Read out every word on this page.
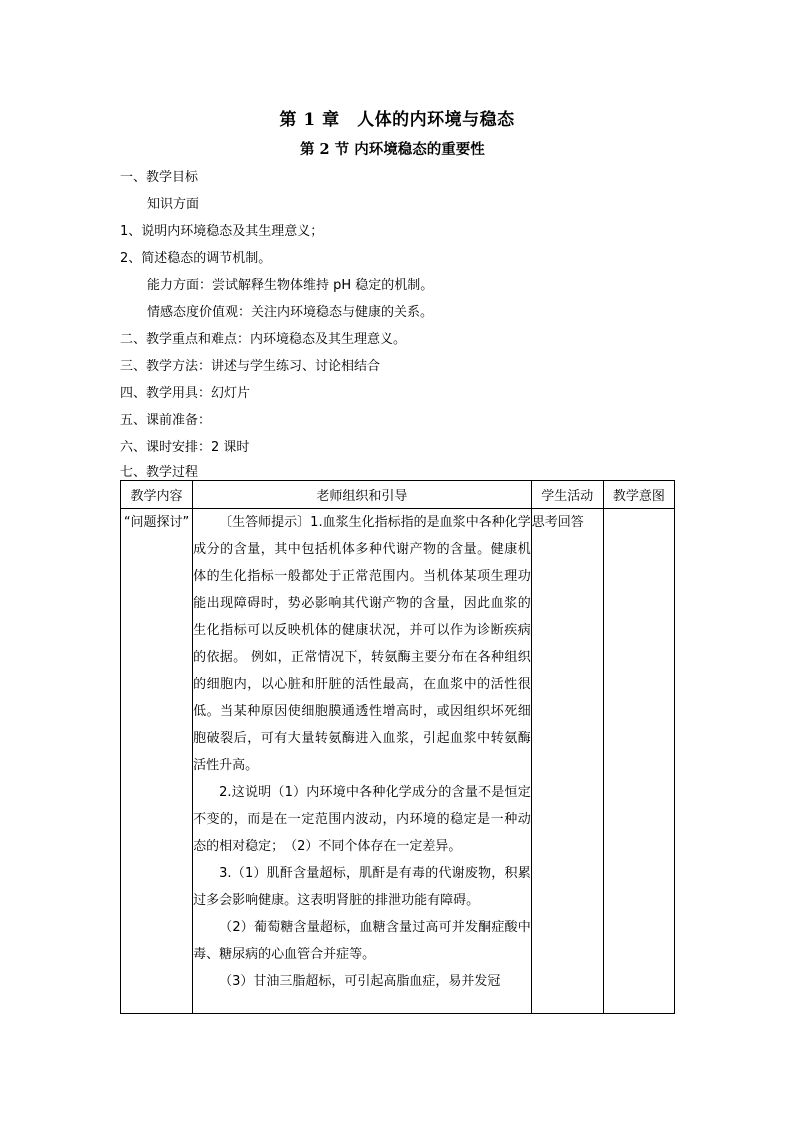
第 1 章　人体的内环境与稳态
第 2 节 内环境稳态的重要性
一、教学目标
知识方面
1、说明内环境稳态及其生理意义；
2、简述稳态的调节机制。
能力方面：尝试解释生物体维持 pH 稳定的机制。
情感态度价值观：关注内环境稳态与健康的关系。
二、教学重点和难点：内环境稳态及其生理意义。
三、教学方法：讲述与学生练习、讨论相结合
四、教学用具：幻灯片
五、课前准备：
六、课时安排：2 课时
七、教学过程
教学内容	老师组织和引导	学生活动	教学意图
“问题探讨”	〔生答师提示〕1.血浆生化指标指的是血浆中各种化学成分的含量，其中包括机体多种代谢产物的含量。健康机体的生化指标一般都处于正常范围内。当机体某项生理功能出现障碍时，势必影响其代谢产物的含量，因此血浆的生化指标可以反映机体的健康状况，并可以作为诊断疾病的依据。 例如，正常情况下，转氨酶主要分布在各种组织的细胞内，以心脏和肝脏的活性最高，在血浆中的活性很低。当某种原因使细胞膜通透性增高时，或因组织坏死细胞破裂后，可有大量转氨酶进入血浆，引起血浆中转氨酶活性升高。

2.这说明（1）内环境中各种化学成分的含量不是恒定不变的，而是在一定范围内波动，内环境的稳定是一种动态的相对稳定；　（2）不同个体存在一定差异。

3.（1）肌酐含量超标，肌酐是有毒的代谢废物，积累过多会影响健康。这表明肾脏的排泄功能有障碍。

（2）葡萄糖含量超标，血糖含量过高可并发酮症酸中毒、糖尿病的心血管合并症等。

（3）甘油三脂超标，可引起高脂血症，易并发冠	思考回答	
